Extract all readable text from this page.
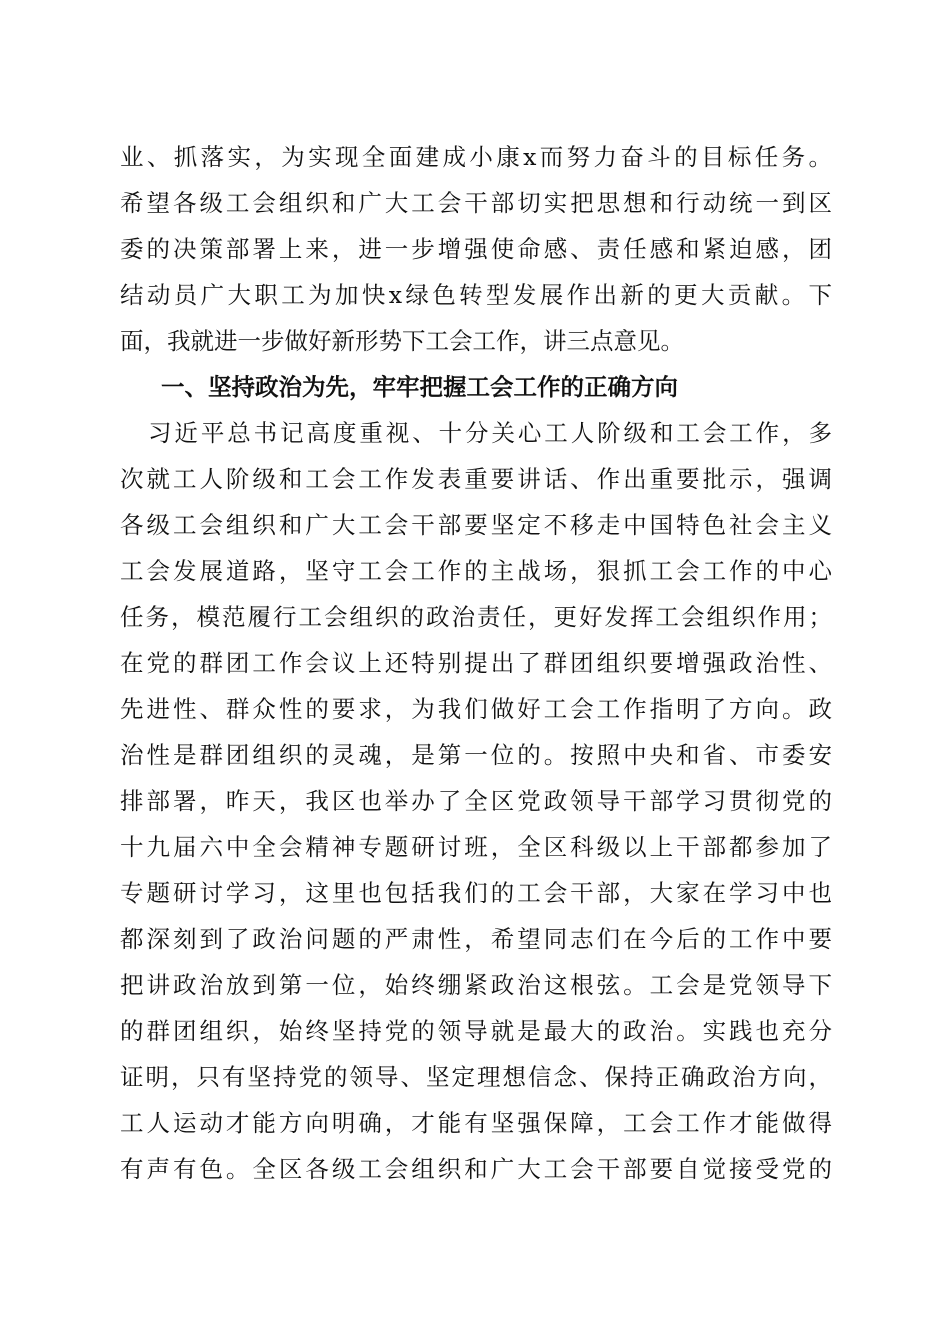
业、抓落实，为实现全面建成小康x而努力奋斗的目标任务。
希望各级工会组织和广大工会干部切实把思想和行动统一到区
委的决策部署上来，进一步增强使命感、责任感和紧迫感，团
结动员广大职工为加快x绿色转型发展作出新的更大贡献。下
面，我就进一步做好新形势下工会工作，讲三点意见。
一、坚持政治为先，牢牢把握工会工作的正确方向
习近平总书记高度重视、十分关心工人阶级和工会工作，多
次就工人阶级和工会工作发表重要讲话、作出重要批示，强调
各级工会组织和广大工会干部要坚定不移走中国特色社会主义
工会发展道路，坚守工会工作的主战场，狠抓工会工作的中心
任务，模范履行工会组织的政治责任，更好发挥工会组织作用；
在党的群团工作会议上还特别提出了群团组织要增强政治性、
先进性、群众性的要求，为我们做好工会工作指明了方向。政
治性是群团组织的灵魂，是第一位的。按照中央和省、市委安
排部署，昨天，我区也举办了全区党政领导干部学习贯彻党的
十九届六中全会精神专题研讨班，全区科级以上干部都参加了
专题研讨学习，这里也包括我们的工会干部，大家在学习中也
都深刻到了政治问题的严肃性，希望同志们在今后的工作中要
把讲政治放到第一位，始终绷紧政治这根弦。工会是党领导下
的群团组织，始终坚持党的领导就是最大的政治。实践也充分
证明，只有坚持党的领导、坚定理想信念、保持正确政治方向，
工人运动才能方向明确，才能有坚强保障，工会工作才能做得
有声有色。全区各级工会组织和广大工会干部要自觉接受党的
